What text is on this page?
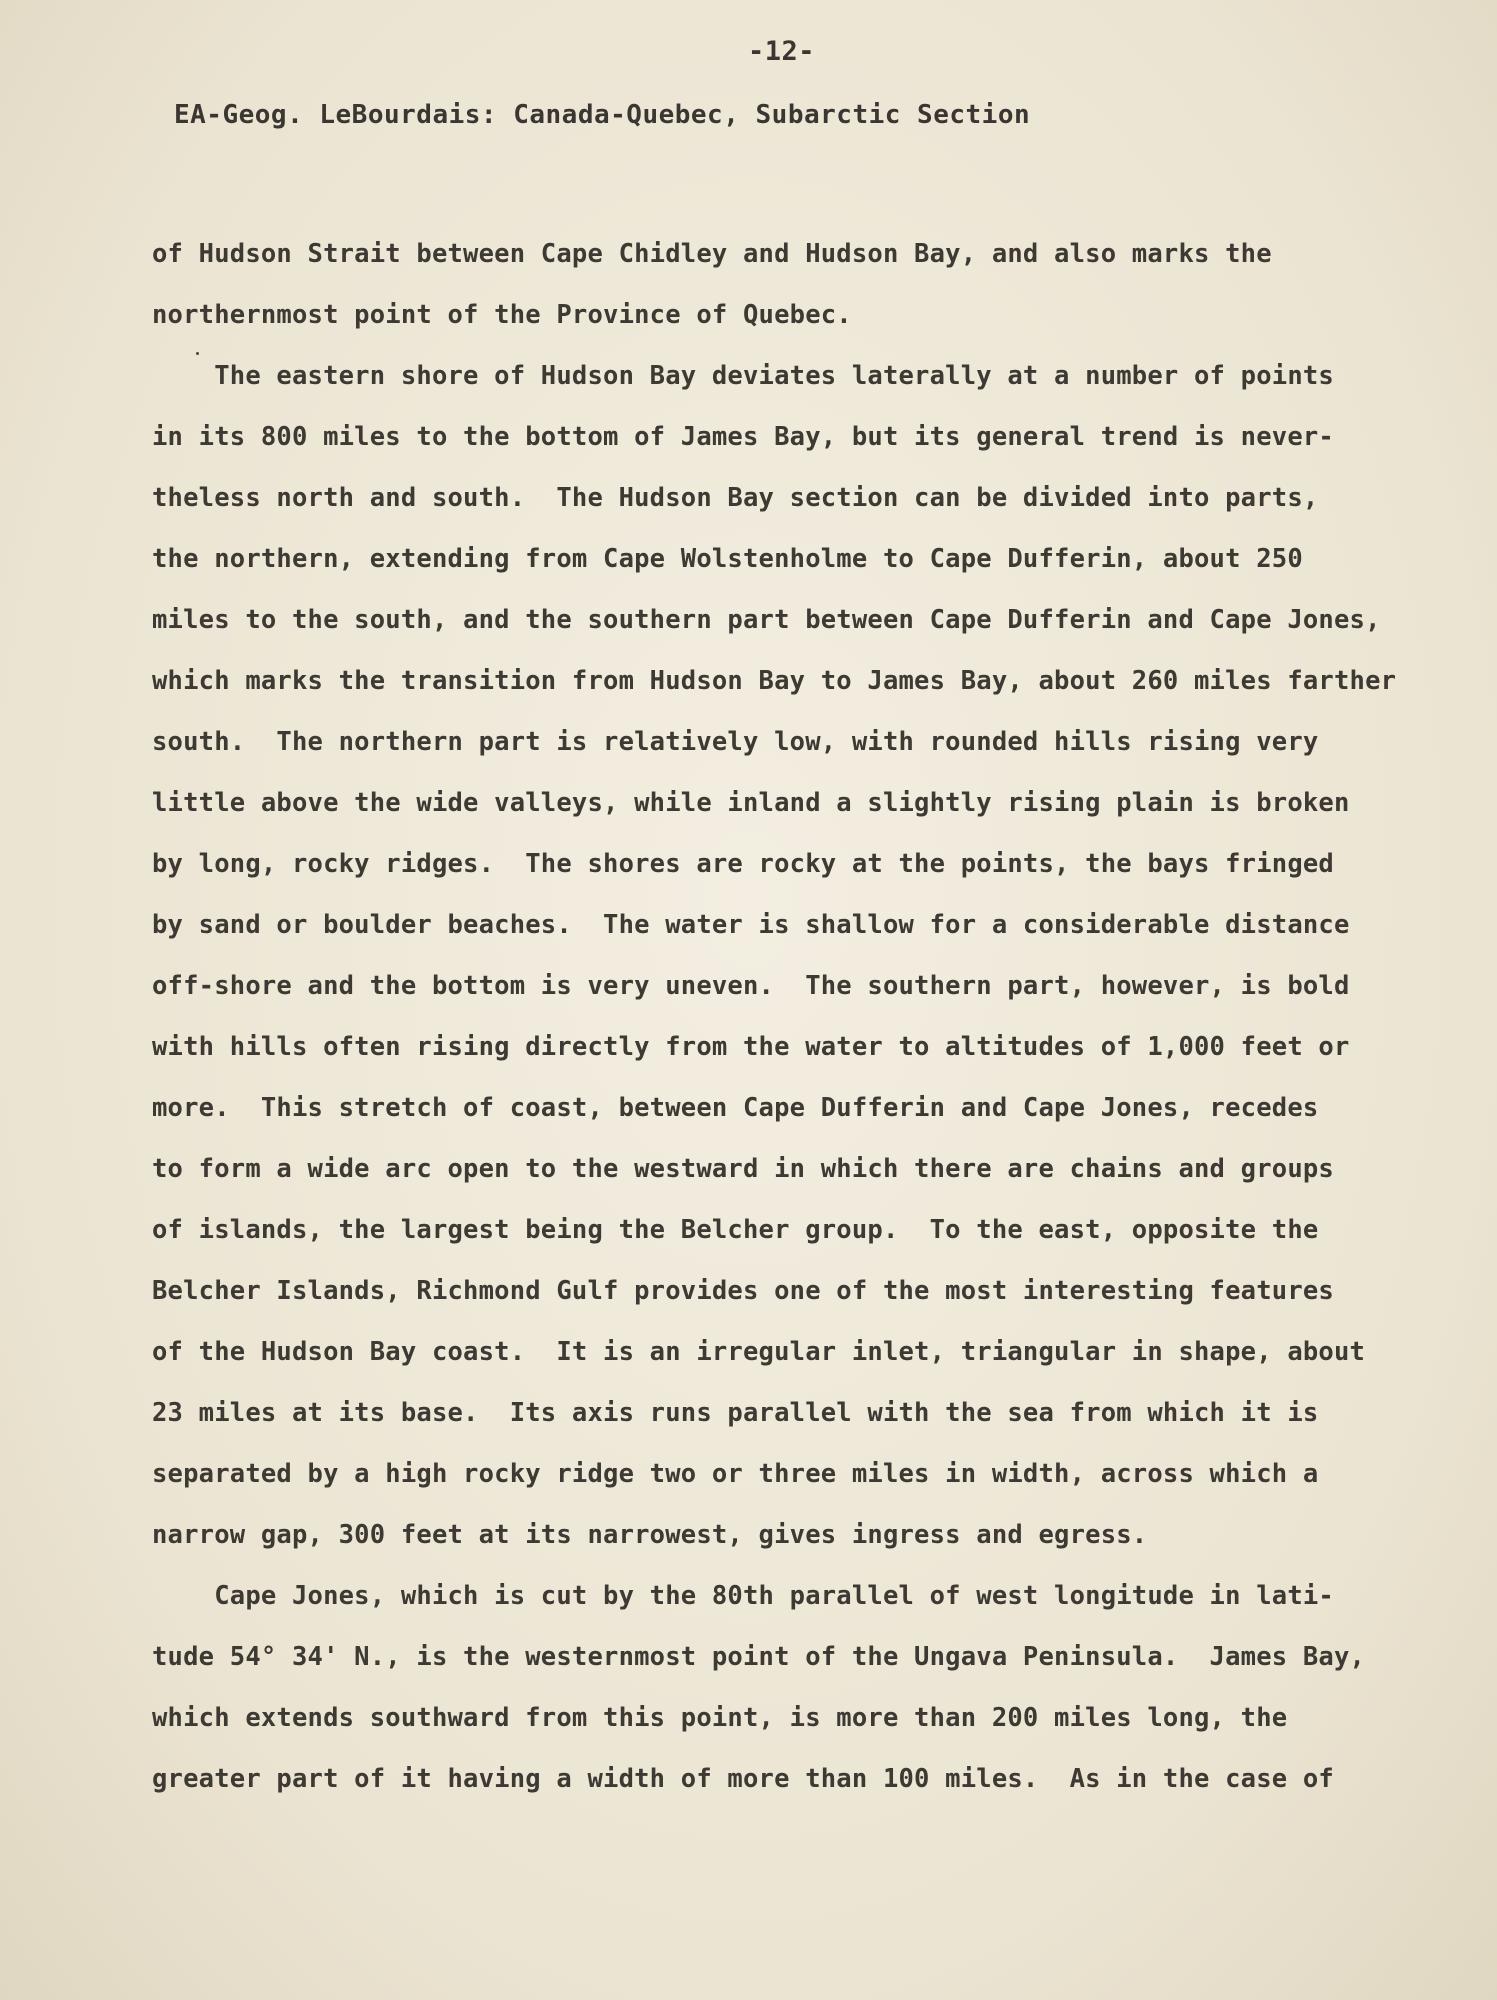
-12-
EA-Geog. LeBourdais: Canada-Quebec, Subarctic Section
of Hudson Strait between Cape Chidley and Hudson Bay, and also marks the
northernmost point of the Province of Quebec.
The eastern shore of Hudson Bay deviates laterally at a number of points
in its 800 miles to the bottom of James Bay, but its general trend is never-
theless north and south.  The Hudson Bay section can be divided into parts,
the northern, extending from Cape Wolstenholme to Cape Dufferin, about 250
miles to the south, and the southern part between Cape Dufferin and Cape Jones,
which marks the transition from Hudson Bay to James Bay, about 260 miles farther
south.  The northern part is relatively low, with rounded hills rising very
little above the wide valleys, while inland a slightly rising plain is broken
by long, rocky ridges.  The shores are rocky at the points, the bays fringed
by sand or boulder beaches.  The water is shallow for a considerable distance
off-shore and the bottom is very uneven.  The southern part, however, is bold
with hills often rising directly from the water to altitudes of 1,000 feet or
more.  This stretch of coast, between Cape Dufferin and Cape Jones, recedes
to form a wide arc open to the westward in which there are chains and groups
of islands, the largest being the Belcher group.  To the east, opposite the
Belcher Islands, Richmond Gulf provides one of the most interesting features
of the Hudson Bay coast.  It is an irregular inlet, triangular in shape, about
23 miles at its base.  Its axis runs parallel with the sea from which it is
separated by a high rocky ridge two or three miles in width, across which a
narrow gap, 300 feet at its narrowest, gives ingress and egress.
Cape Jones, which is cut by the 80th parallel of west longitude in lati-
tude 54° 34' N., is the westernmost point of the Ungava Peninsula.  James Bay,
which extends southward from this point, is more than 200 miles long, the
greater part of it having a width of more than 100 miles.  As in the case of
